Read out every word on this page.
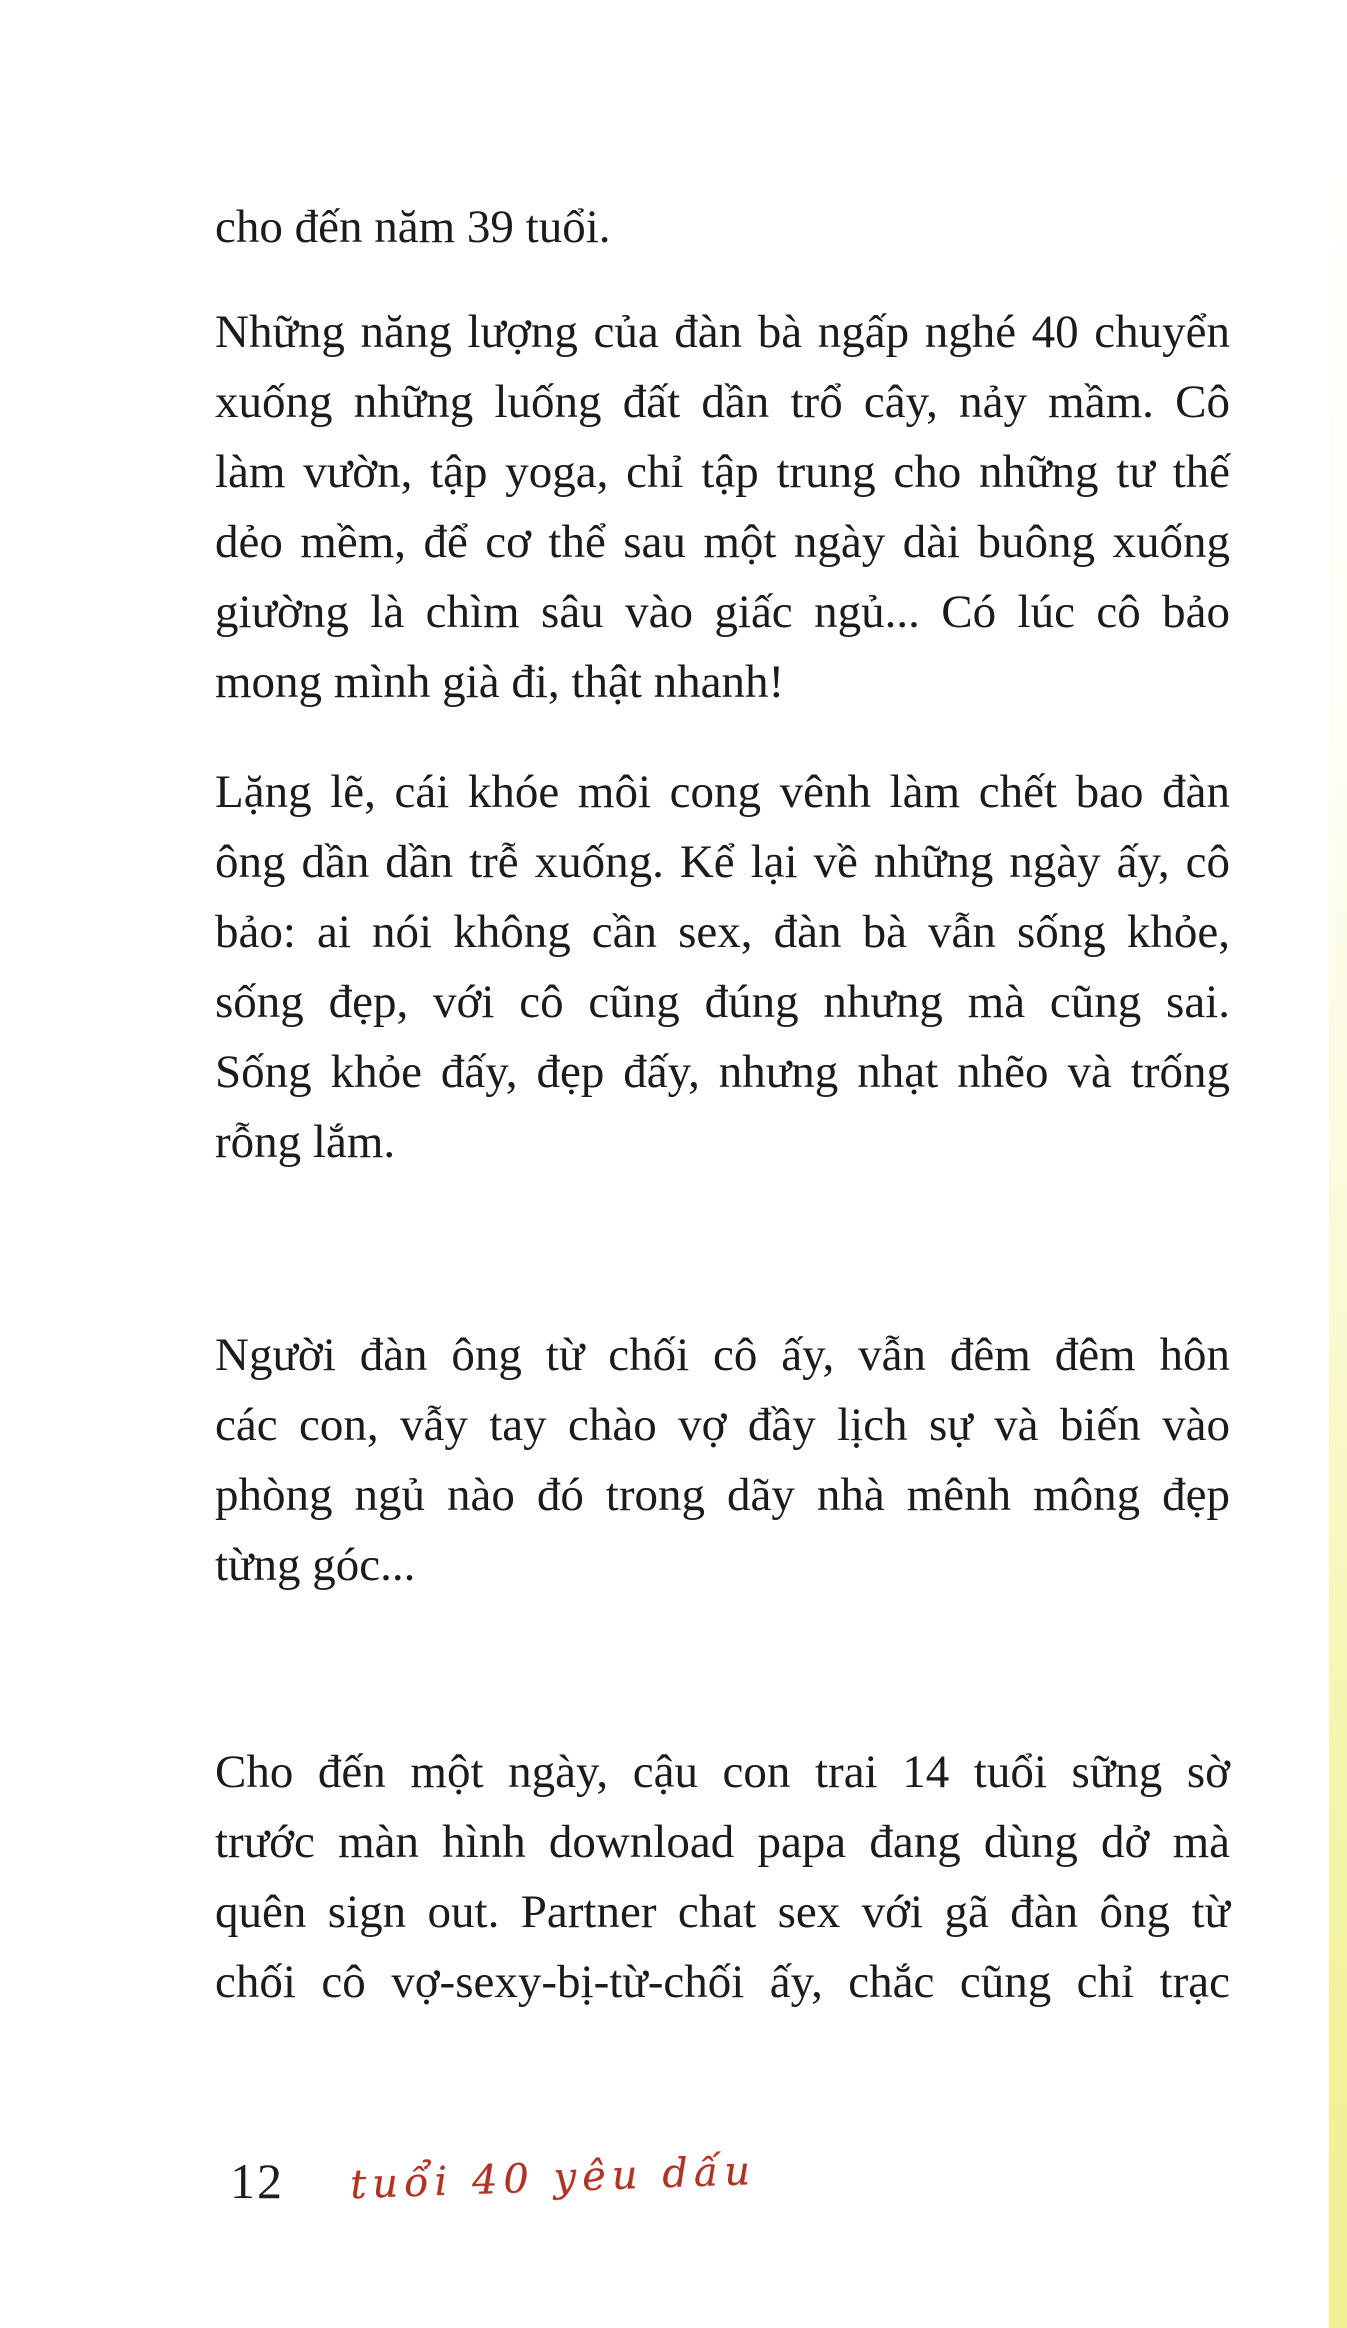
cho đến năm 39 tuổi.

Những năng lượng của đàn bà ngấp nghé 40 chuyển
xuống những luống đất dần trổ cây, nảy mầm. Cô
làm vườn, tập yoga, chỉ tập trung cho những tư thế
dẻo mềm, để cơ thể sau một ngày dài buông xuống
giường là chìm sâu vào giấc ngủ... Có lúc cô bảo
mong mình già đi, thật nhanh!

Lặng lẽ, cái khóe môi cong vênh làm chết bao đàn
ông dần dần trễ xuống. Kể lại về những ngày ấy, cô
bảo: ai nói không cần sex, đàn bà vẫn sống khỏe,
sống đẹp, với cô cũng đúng nhưng mà cũng sai.
Sống khỏe đấy, đẹp đấy, nhưng nhạt nhẽo và trống
rỗng lắm.

Người đàn ông từ chối cô ấy, vẫn đêm đêm hôn
các con, vẫy tay chào vợ đầy lịch sự và biến vào
phòng ngủ nào đó trong dãy nhà mênh mông đẹp
từng góc...

Cho đến một ngày, cậu con trai 14 tuổi sững sờ
trước màn hình download papa đang dùng dở mà
quên sign out. Partner chat sex với gã đàn ông từ
chối cô vợ-sexy-bị-từ-chối ấy, chắc cũng chỉ trạc

12 tuổi 40 yêu dấu
